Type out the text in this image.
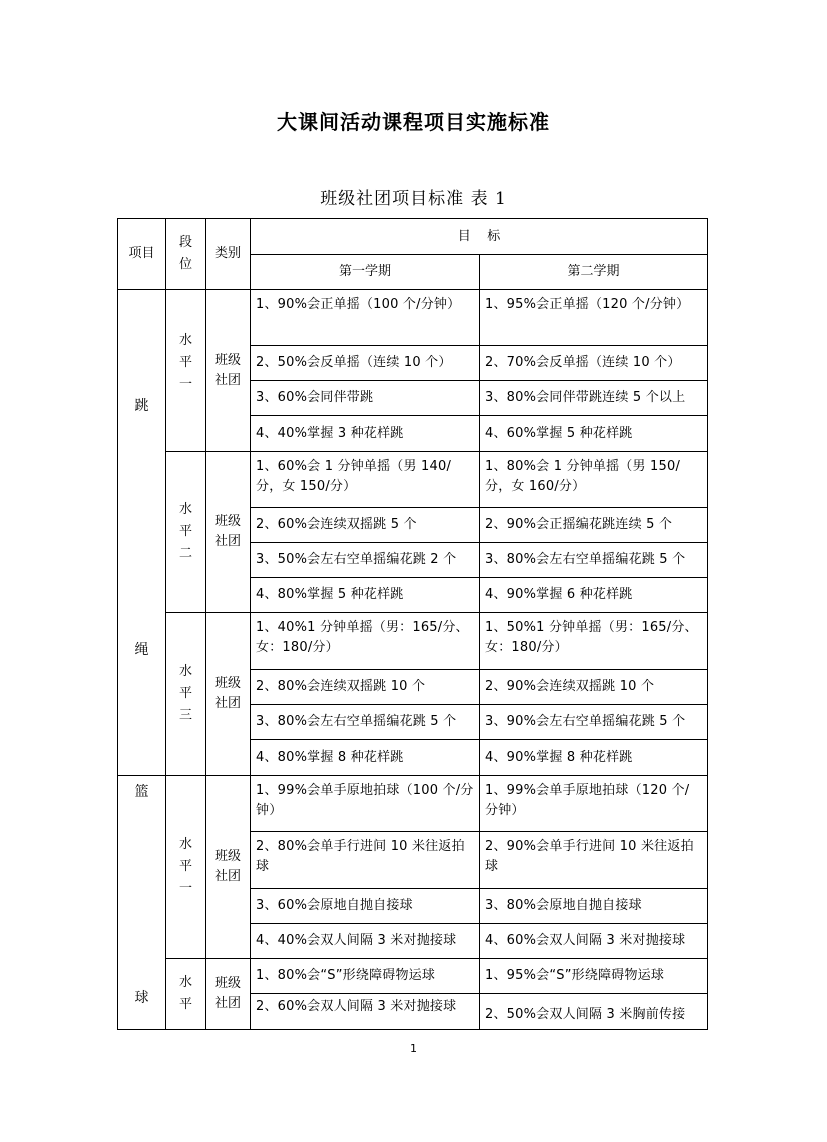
大课间活动课程项目实施标准
班级社团项目标准 表 1
项目	段位	类别	目    标	
			第一学期	第二学期

跳
绳	水平一	班级社团	1、90%会正单摇（100 个/分钟）	1、95%会正单摇（120 个/分钟）
			2、50%会反单摇（连续 10 个）	2、70%会反单摇（连续 10 个）
			3、60%会同伴带跳	3、80%会同伴带跳连续 5 个以上
			4、40%掌握 3 种花样跳	4、60%掌握 5 种花样跳
	水平二	班级社团	1、60%会 1 分钟单摇（男 140/分，女 150/分）	1、80%会 1 分钟单摇（男 150/分，女 160/分）
			2、60%会连续双摇跳 5 个	2、90%会正摇编花跳连续 5 个
			3、50%会左右空单摇编花跳 2 个	3、80%会左右空单摇编花跳 5 个
			4、80%掌握 5 种花样跳	4、90%掌握 6 种花样跳
	水平三	班级社团	1、40%1 分钟单摇（男：165/分、女：180/分）	1、50%1 分钟单摇（男：165/分、女：180/分）
			2、80%会连续双摇跳 10 个	2、90%会连续双摇跳 10 个
			3、80%会左右空单摇编花跳 5 个	3、90%会左右空单摇编花跳 5 个
			4、80%掌握 8 种花样跳	4、90%掌握 8 种花样跳

篮
球	水平一	班级社团	1、99%会单手原地拍球（100 个/分钟）	1、99%会单手原地拍球（120 个/分钟）
			2、80%会单手行进间 10 米往返拍球	2、90%会单手行进间 10 米往返拍球
			3、60%会原地自抛自接球	3、80%会原地自抛自接球
			4、40%会双人间隔 3 米对抛接球	4、60%会双人间隔 3 米对抛接球
	水平	班级社团	1、80%会“S”形绕障碍物运球	1、95%会“S”形绕障碍物运球
			2、60%会双人间隔 3 米对抛接球	2、50%会双人间隔 3 米胸前传接
1
